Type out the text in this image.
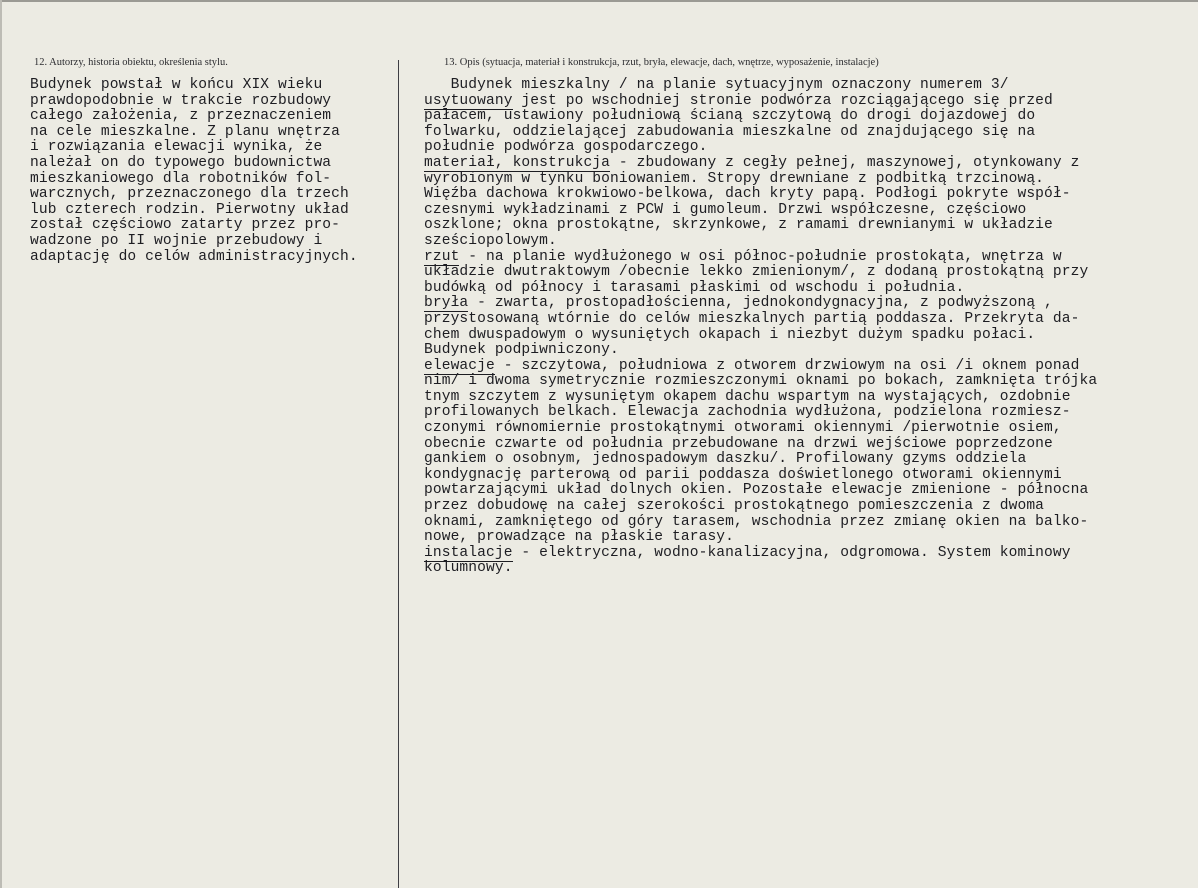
12. Autorzy, historia obiektu, określenia stylu.	13. Opis (sytuacja, materiał i konstrukcja, rzut, bryła, elewacje, dach, wnętrze, wyposażenie, instalacje)
Budynek powstał w końcu XIX wieku
prawdopodobnie w trakcie rozbudowy
całego założenia, z przeznaczeniem
na cele mieszkalne. Z planu wnętrza
i rozwiązania elewacji wynika, że
należał on do typowego budownictwa
mieszkaniowego dla robotników fol-
warcznych, przeznaczonego dla trzech
lub czterech rodzin. Pierwotny układ
został częściowo zatarty przez pro-
wadzone po II wojnie przebudowy i
adaptację do celów administracyjnych.
Budynek mieszkalny / na planie sytuacyjnym oznaczony numerem 3/
usytuowany jest po wschodniej stronie podwórza rozciągającego się przed
pałacem, ustawiony południową ścianą szczytową do drogi dojazdowej do
folwarku, oddzielającej zabudowania mieszkalne od znajdującego się na
południe podwórza gospodarczego.
materiał, konstrukcja - zbudowany z cegły pełnej, maszynowej, otynkowany z
wyrobionym w tynku boniowaniem. Stropy drewniane z podbitką trzcinową.
Więźba dachowa krokwiowo-belkowa, dach kryty papą. Podłogi pokryte współ-
czesnymi wykładzinami z PCW i gumoleum. Drzwi współczesne, częściowo
oszklone; okna prostokątne, skrzynkowe, z ramami drewnianymi w układzie
sześciopolowym.
rzut - na planie wydłużonego w osi północ-południe prostokąta, wnętrza w
układzie dwutraktowym /obecnie lekko zmienionym/, z dodaną prostokątną przy
budówką od północy i tarasami płaskimi od wschodu i południa.
bryła - zwarta, prostopadłościenna, jednokondygnacyjna, z podwyższoną ,
przystosowaną wtórnie do celów mieszkalnych partią poddasza. Przekryta da-
chem dwuspadowym o wysuniętych okapach i niezbyt dużym spadku połaci.
Budynek podpiwniczony.
elewacje - szczytowa, południowa z otworem drzwiowym na osi /i oknem ponad
nim/ i dwoma symetrycznie rozmieszczonymi oknami po bokach, zamknięta trójka
tnym szczytem z wysuniętym okapem dachu wspartym na wystających, ozdobnie
profilowanych belkach. Elewacja zachodnia wydłużona, podzielona rozmiesz-
czonymi równomiernie prostokątnymi otworami okiennymi /pierwotnie osiem,
obecnie czwarte od południa przebudowane na drzwi wejściowe poprzedzone
gankiem o osobnym, jednospadowym daszku/. Profilowany gzyms oddziela
kondygnację parterową od parii poddasza doświetlonego otworami okiennymi
powtarzającymi układ dolnych okien. Pozostałe elewacje zmienione - północna
przez dobudowę na całej szerokości prostokątnego pomieszczenia z dwoma
oknami, zamkniętego od góry tarasem, wschodnia przez zmianę okien na balko-
nowe, prowadzące na płaskie tarasy.
instalacje - elektryczna, wodno-kanalizacyjna, odgromowa. System kominowy
kolumnowy.
